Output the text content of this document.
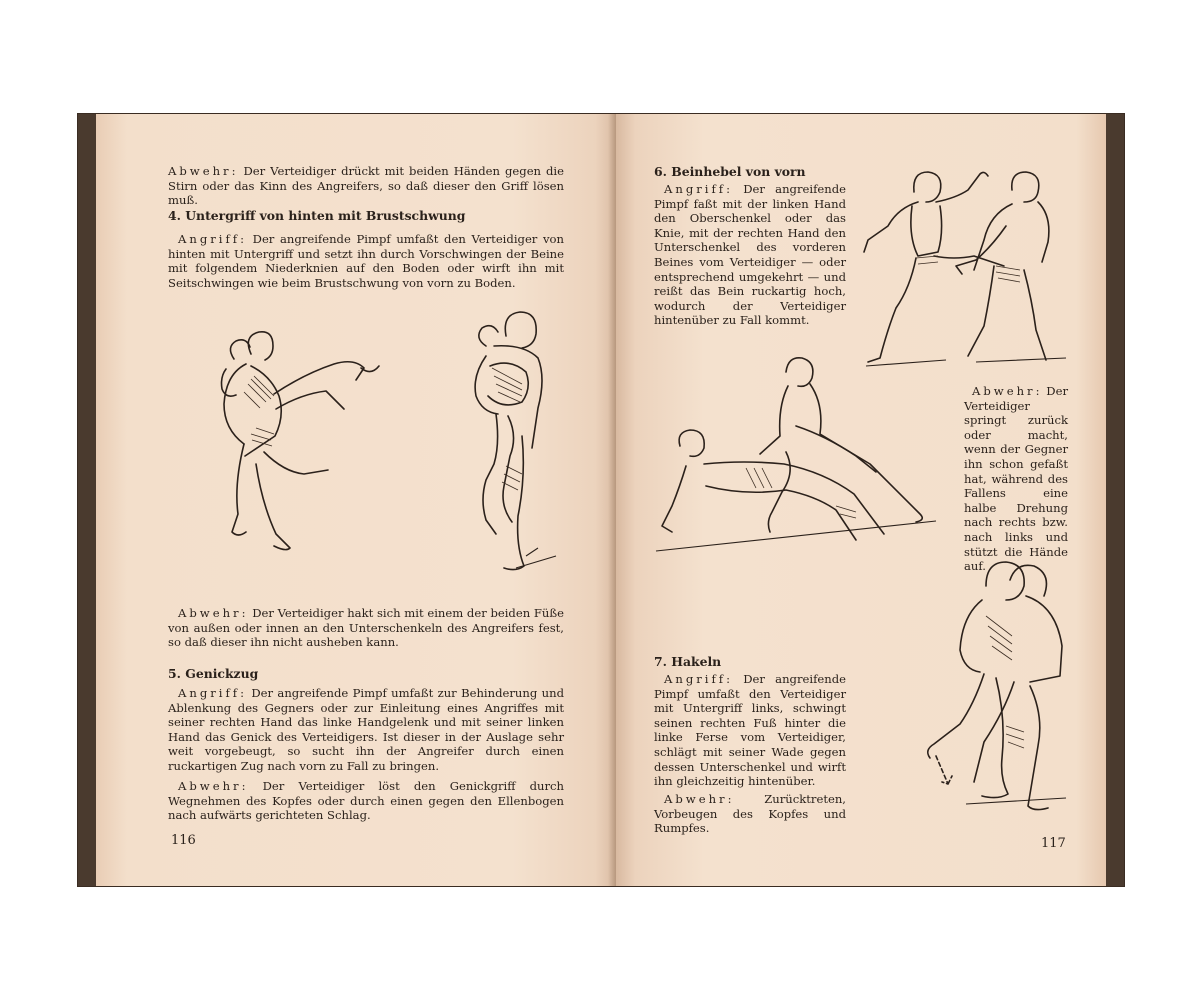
Abwehr: Der Verteidiger drückt mit beiden Händen gegen die Stirn oder das Kinn des Angreifers, so daß dieser den Griff lösen muß.

4. Untergriff von hinten mit Brustschwung

Angriff: Der angreifende Pimpf umfaßt den Verteidiger von hinten mit Untergriff und setzt ihn durch Vorschwingen der Beine mit folgendem Niederknien auf den Boden oder wirft ihn mit Seitschwingen wie beim Brustschwung von vorn zu Boden.

Abwehr: Der Verteidiger hakt sich mit einem der beiden Füße von außen oder innen an den Unterschenkeln des Angreifers fest, so daß dieser ihn nicht ausheben kann.

5. Genickzug

Angriff: Der angreifende Pimpf umfaßt zur Behinderung und Ablenkung des Gegners oder zur Einleitung eines Angriffes mit seiner rechten Hand das linke Handgelenk und mit seiner linken Hand das Genick des Verteidigers. Ist dieser in der Auslage sehr weit vorgebeugt, so sucht ihn der Angreifer durch einen ruckartigen Zug nach vorn zu Fall zu bringen.

Abwehr: Der Verteidiger löst den Genickgriff durch Wegnehmen des Kopfes oder durch einen gegen den Ellenbogen nach aufwärts gerichteten Schlag.

116
6. Beinhebel von vorn

Angriff: Der angreifende Pimpf faßt mit der linken Hand den Oberschenkel oder das Knie, mit der rechten Hand den Unterschenkel des vorderen Beines vom Verteidiger — oder entsprechend umgekehrt — und reißt das Bein ruckartig hoch, wodurch der Verteidiger hintenüber zu Fall kommt.

Abwehr: Der Verteidiger springt zurück oder macht, wenn der Gegner ihn schon gefaßt hat, während des Fallens eine halbe Drehung nach rechts bzw. nach links und stützt die Hände auf.

7. Hakeln

Angriff: Der angreifende Pimpf umfaßt den Verteidiger mit Untergriff links, schwingt seinen rechten Fuß hinter die linke Ferse vom Verteidiger, schlägt mit seiner Wade gegen dessen Unterschenkel und wirft ihn gleichzeitig hintenüber.

Abwehr: Zurücktreten, Vorbeugen des Kopfes und Rumpfes.

117
